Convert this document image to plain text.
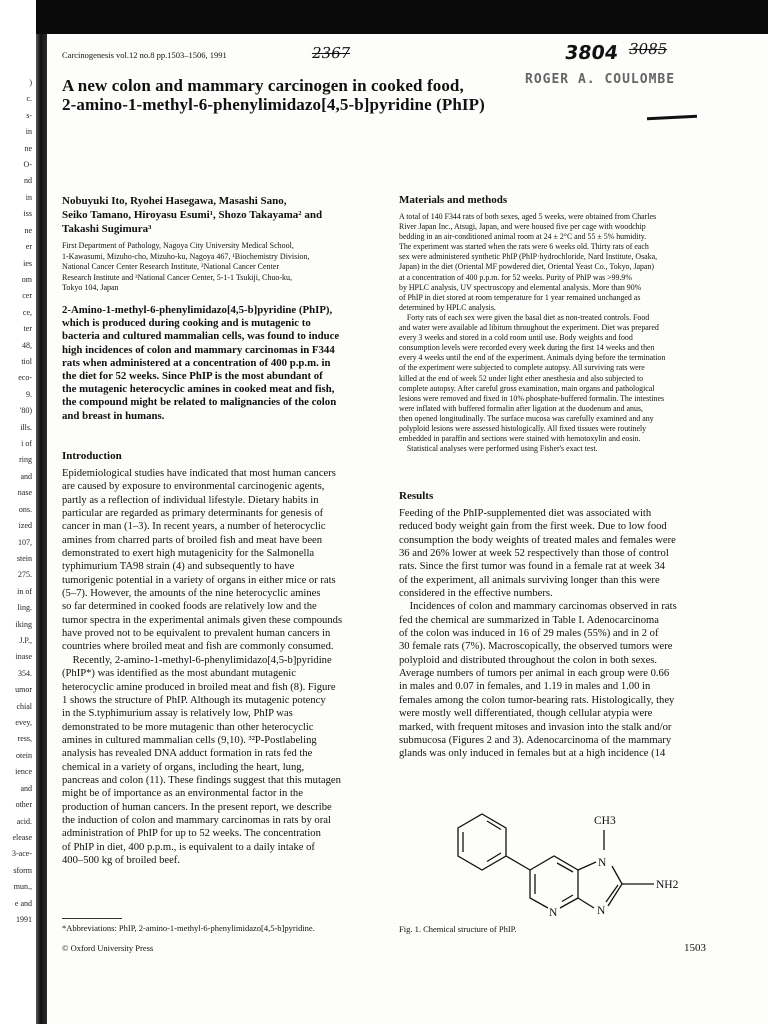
)
c.
s-
in
ne
O-
nd
in
iss
ne
er
ies
om
cer
ce,
ter
48,
tiol
eco-
9.
'80)
ills.
i of
ring
and
nase
ons.
ized
107,
stein
275.
in of
ling.
iking
J.P.,
inase
354.
umor
chial
evey,
ress,
otein
ience
and
other
acid.
elease
3-ace-
sform
mun.,
e and
1991
Carcinogenesis vol.12 no.8 pp.1503–1506, 1991	2367	3804 3085
ROGER A. COULOMBE
A new colon and mammary carcinogen in cooked food,
2-amino-1-methyl-6-phenylimidazo[4,5-b]pyridine (PhIP)
Nobuyuki Ito, Ryohei Hasegawa, Masashi Sano,
Seiko Tamano, Hiroyasu Esumi¹, Shozo Takayama² and
Takashi Sugimura³
First Department of Pathology, Nagoya City University Medical School,
1-Kawasumi, Mizuho-cho, Mizuho-ku, Nagoya 467, ¹Biochemistry Division,
National Cancer Center Research Institute, ²National Cancer Center
Research Institute and ³National Cancer Center, 5-1-1 Tsukiji, Chuo-ku,
Tokyo 104, Japan
2-Amino-1-methyl-6-phenylimidazo[4,5-b]pyridine (PhIP),
which is produced during cooking and is mutagenic to
bacteria and cultured mammalian cells, was found to induce
high incidences of colon and mammary carcinomas in F344
rats when administered at a concentration of 400 p.p.m. in
the diet for 52 weeks. Since PhIP is the most abundant of
the mutagenic heterocyclic amines in cooked meat and fish,
the compound might be related to malignancies of the colon
and breast in humans.
Introduction
Epidemiological studies have indicated that most human cancers
are caused by exposure to environmental carcinogenic agents,
partly as a reflection of individual lifestyle. Dietary habits in
particular are regarded as primary determinants for genesis of
cancer in man (1–3). In recent years, a number of heterocyclic
amines from charred parts of broiled fish and meat have been
demonstrated to exert high mutagenicity for the Salmonella
typhimurium TA98 strain (4) and subsequently to have
tumorigenic potential in a variety of organs in either mice or rats
(5–7). However, the amounts of the nine heterocyclic amines
so far determined in cooked foods are relatively low and the
tumor spectra in the experimental animals given these compounds
have proved not to be equivalent to prevalent human cancers in
countries where broiled meat and fish are commonly consumed.
Recently, 2-amino-1-methyl-6-phenylimidazo[4,5-b]pyridine
(PhIP*) was identified as the most abundant mutagenic
heterocyclic amine produced in broiled meat and fish (8). Figure
1 shows the structure of PhIP. Although its mutagenic potency
in the S.typhimurium assay is relatively low, PhIP was
demonstrated to be more mutagenic than other heterocyclic
amines in cultured mammalian cells (9,10). ³²P-Postlabeling
analysis has revealed DNA adduct formation in rats fed the
chemical in a variety of organs, including the heart, lung,
pancreas and colon (11). These findings suggest that this mutagen
might be of importance as an environmental factor in the
production of human cancers. In the present report, we describe
the induction of colon and mammary carcinomas in rats by oral
administration of PhIP for up to 52 weeks. The concentration
of PhIP in diet, 400 p.p.m., is equivalent to a daily intake of
400–500 kg of broiled beef.
*Abbreviations: PhIP, 2-amino-1-methyl-6-phenylimidazo[4,5-b]pyridine.
© Oxford University Press
Materials and methods
A total of 140 F344 rats of both sexes, aged 5 weeks, were obtained from Charles
River Japan Inc., Atsugi, Japan, and were housed five per cage with woodchip
bedding in an air-conditioned animal room at 24 ± 2°C and 55 ± 5% humidity.
The experiment was started when the rats were 6 weeks old. Thirty rats of each
sex were administered synthetic PhIP (PhIP·hydrochloride, Nard Institute, Osaka,
Japan) in the diet (Oriental MF powdered diet, Oriental Yeast Co., Tokyo, Japan)
at a concentration of 400 p.p.m. for 52 weeks. Purity of PhIP was >99.9%
by HPLC analysis, UV spectroscopy and elemental analysis. More than 90%
of PhIP in diet stored at room temperature for 1 year remained unchanged as
determined by HPLC analysis.
Forty rats of each sex were given the basal diet as non-treated controls. Food
and water were available ad libitum throughout the experiment. Diet was prepared
every 3 weeks and stored in a cold room until use. Body weights and food
consumption levels were recorded every week during the first 14 weeks and then
every 4 weeks until the end of the experiment. Animals dying before the termination
of the experiment were subjected to complete autopsy. All surviving rats were
killed at the end of week 52 under light ether anesthesia and also subjected to
complete autopsy. After careful gross examination, main organs and pathological
lesions were removed and fixed in 10% phosphate-buffered formalin. The intestines
were inflated with buffered formalin after ligation at the duodenum and anus,
then opened longitudinally. The surface mucosa was carefully examined and any
polyploid lesions were assessed histologically. All fixed tissues were routinely
embedded in paraffin and sections were stained with hemotoxylin and eosin.
Statistical analyses were performed using Fisher's exact test.
Results
Feeding of the PhIP-supplemented diet was associated with
reduced body weight gain from the first week. Due to low food
consumption the body weights of treated males and females were
36 and 26% lower at week 52 respectively than those of control
rats. Since the first tumor was found in a female rat at week 34
of the experiment, all animals surviving longer than this were
considered in the effective numbers.
Incidences of colon and mammary carcinomas observed in rats
fed the chemical are summarized in Table I. Adenocarcinoma
of the colon was induced in 16 of 29 males (55%) and in 2 of
30 female rats (7%). Macroscopically, the observed tumors were
polyploid and distributed throughout the colon in both sexes.
Average numbers of tumors per animal in each group were 0.66
in males and 0.07 in females, and 1.19 in males and 1.00 in
females among the colon tumor-bearing rats. Histologically, they
were mostly well differentiated, though cellular atypia were
marked, with frequent mitoses and invasion into the stalk and/or
submucosa (Figures 2 and 3). Adenocarcinoma of the mammary
glands was only induced in females but at a high incidence (14
CH3
N
NH2
N
N
Fig. 1. Chemical structure of PhIP.
1503
